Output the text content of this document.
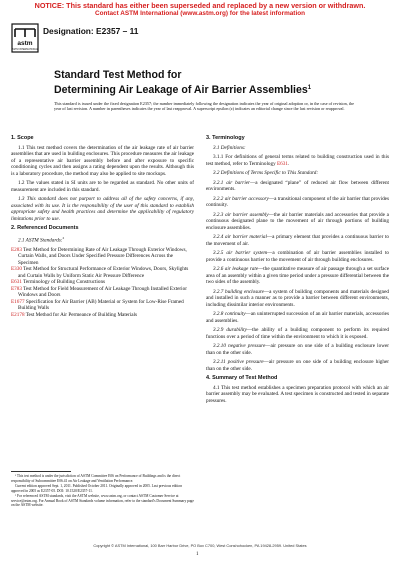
NOTICE: This standard has either been superseded and replaced by a new version or withdrawn.
Contact ASTM International (www.astm.org) for the latest information
astm
ASTM INTERNATIONAL
Designation: E2357 – 11
Standard Test Method for
Determining Air Leakage of Air Barrier Assemblies$^1$
This standard is issued under the fixed designation E2357; the number immediately following the designation indicates the year of original adoption or, in the case of revision, the year of last revision. A number in parentheses indicates the year of last reapproval. A superscript epsilon (ε) indicates an editorial change since the last revision or reapproval.
1. Scope
1.1 This test method covers the determination of the air leakage rate of air barrier assemblies that are used in building enclosures. This procedure measures the air leakage of a representative air barrier assembly before and after exposure to specific conditioning cycles and then assigns a rating dependent upon the results. Although this is a laboratory procedure, the method may also be applied to site mockups.
1.2 The values stated in SI units are to be regarded as standard. No other units of measurement are included in this standard.
1.3 This standard does not purport to address all of the safety concerns, if any, associated with its use. It is the responsibility of the user of this standard to establish appropriate safety and health practices and determine the applicability of regulatory limitations prior to use.
2. Referenced Documents
2.1 ASTM Standards:$^2$
E283 Test Method for Determining Rate of Air Leakage Through Exterior Windows, Curtain Walls, and Doors Under Specified Pressure Differences Across the Specimen
E330 Test Method for Structural Performance of Exterior Windows, Doors, Skylights and Curtain Walls by Uniform Static Air Pressure Difference
E631 Terminology of Building Constructions
E783 Test Method for Field Measurement of Air Leakage Through Installed Exterior Windows and Doors
E1677 Specification for Air Barrier (AB) Material or System for Low-Rise Framed Building Walls
E2178 Test Method for Air Permeance of Building Materials
¹ This test method is under the jurisdiction of ASTM Committee E06 on Performance of Buildings and is the direct responsibility of Subcommittee E06.41 on Air Leakage and Ventilation Performance.
Current edition approved Sept. 1, 2011. Published October 2011. Originally approved in 2005. Last previous edition approved in 2005 as E2357-05. DOI: 10.1520/E2357-11.
² For referenced ASTM standards, visit the ASTM website, www.astm.org, or contact ASTM Customer Service at service@astm.org. For Annual Book of ASTM Standards volume information, refer to the standard's Document Summary page on the ASTM website.
3. Terminology
3.1 Definitions:
3.1.1 For definitions of general terms related to building construction used in this test method, refer to Terminology E631.
3.2 Definitions of Terms Specific to This Standard:
3.2.1 air barrier—a designated “plane” of reduced air flow between different environments.
3.2.2 air barrier accessory—a transitional component of the air barrier that provides continuity.
3.2.3 air barrier assembly—the air barrier materials and accessories that provide a continuous designated plane to the movement of air through portions of building enclosure assemblies.
3.2.4 air barrier material—a primary element that provides a continuous barrier to the movement of air.
3.2.5 air barrier system—a combination of air barrier assemblies installed to provide a continuous barrier to the movement of air through building enclosures.
3.2.6 air leakage rate—the quantitative measure of air passage through a set surface area of an assembly within a given time period under a pressure differential between the two sides of the assembly.
3.2.7 building enclosure—a system of building components and materials designed and installed in such a manner as to provide a barrier between different environments, including dissimilar interior environments.
3.2.8 continuity—an uninterrupted succession of an air barrier materials, accessories and assemblies.
3.2.9 durability—the ability of a building component to perform its required functions over a period of time within the environment to which it is exposed.
3.2.10 negative pressure—air pressure on one side of a building enclosure lower than on the other side.
3.2.11 positive pressure—air pressure on one side of a building enclosure higher than on the other side.
4. Summary of Test Method
4.1 This test method establishes a specimen preparation protocol with which an air barrier assembly may be evaluated. A test specimen is constructed and tested in separate pressures.
Copyright © ASTM International, 100 Barr Harbor Drive, PO Box C700, West Conshohocken, PA 19428-2959. United States
1
